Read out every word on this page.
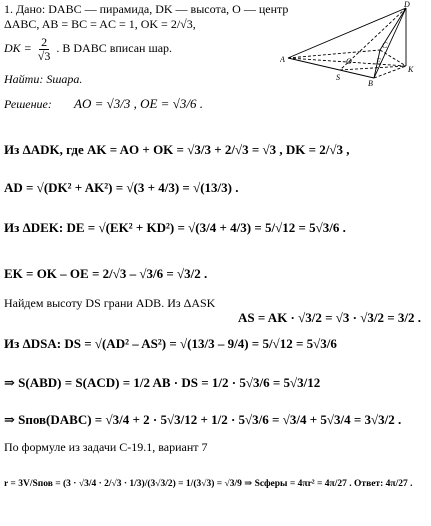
1. Дано: DABC — пирамида, DK — высота, O — центр
ΔABC, AB = BC = AC = 1, OK = 2/√3,
DK = $\frac{2}{√3}$ . В DABC вписан шар.
Найти: Sшара.
Решение:
D
A
C
O	E
B
K
S
AO = √3/3 , OE = √3/6 .
Из ΔADK, где AK = AO + OK = √3/3 + 2/√3 = √3 , DK = 2/√3 ,
AD = √(DK² + AK²) = √(3 + 4/3) = √(13/3) .
Из ΔDEK: DE = √(EK² + KD²) = √(3/4 + 4/3) = 5/√12 = 5√3/6 .
EK = OK – OE = 2/√3 – √3/6 = √3/2 .
Найдем высоту DS грани ADB. Из ΔASK
AS = AK · √3/2 = √3 · √3/2 = 3/2 .
Из ΔDSA: DS = √(AD² – AS²) = √(13/3 – 9/4) = 5/√12 = 5√3/6
⇒ S(ABD) = S(ACD) = 1/2 AB · DS = 1/2 · 5√3/6 = 5√3/12
⇒ Sпов(DABC) = √3/4 + 2 · 5√3/12 + 1/2 · 5√3/6 = √3/4 + 5√3/4 = 3√3/2 .
По формуле из задачи С-19.1, вариант 7
r = 3V/Sпов = (3 · √3/4 · 2/√3 · 1/3)/(3√3/2) = 1/(3√3) = √3/9 ⇒ Sсферы = 4πr² = 4π/27 . Ответ: 4π/27 .
